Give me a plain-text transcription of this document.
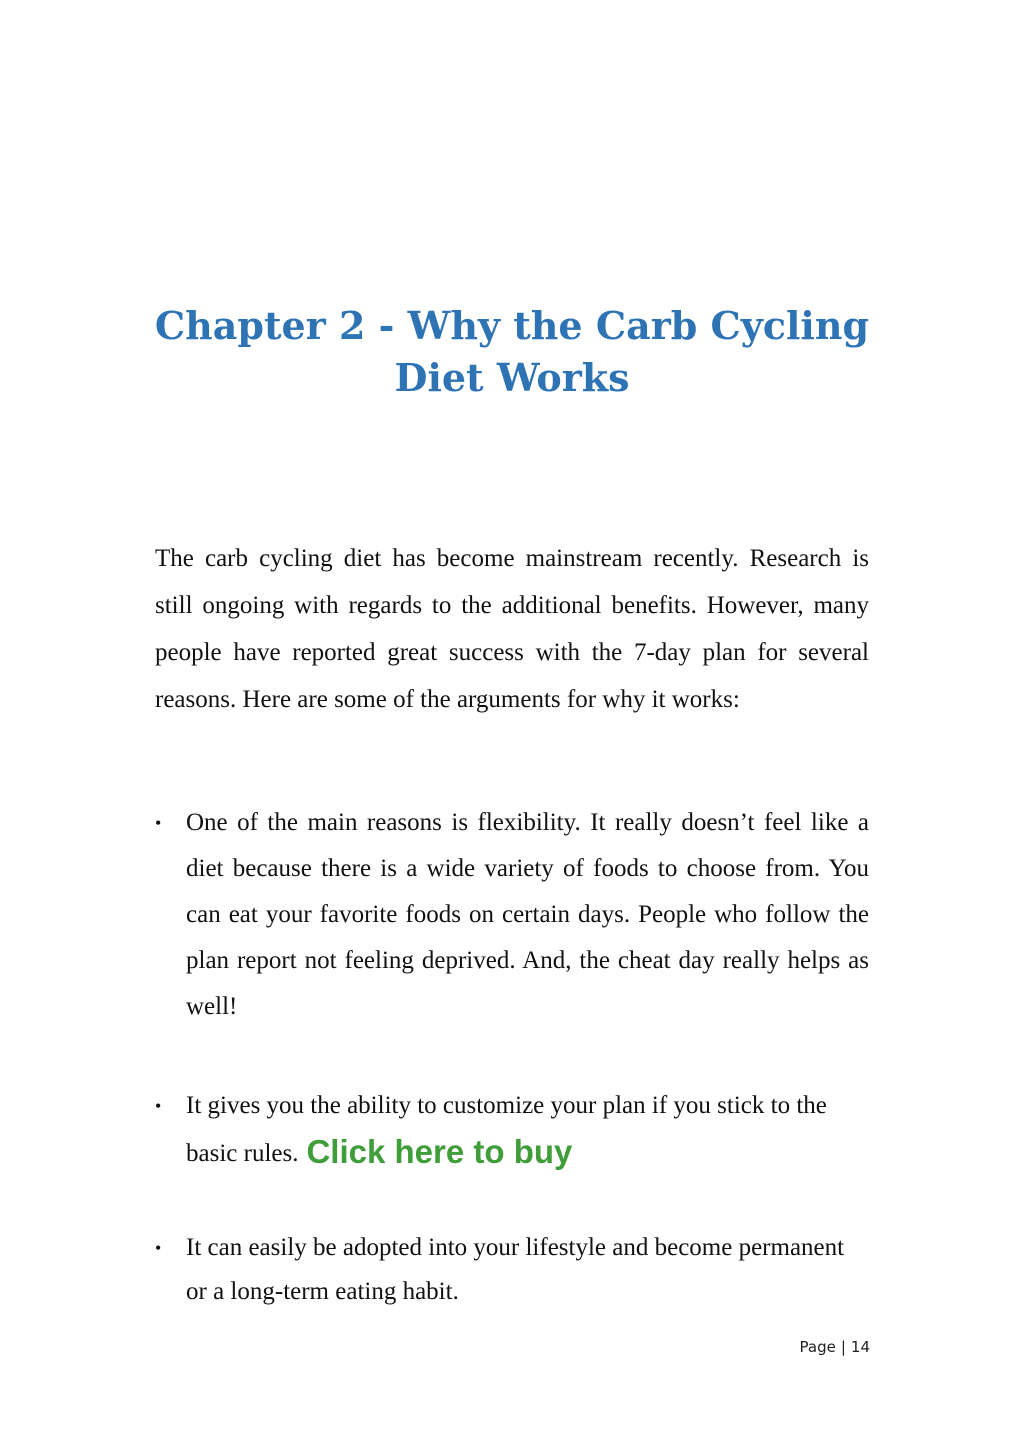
Chapter 2 - Why the Carb Cycling Diet Works

The carb cycling diet has become mainstream recently. Research is still ongoing with regards to the additional benefits. However, many people have reported great success with the 7-day plan for several reasons. Here are some of the arguments for why it works:

• One of the main reasons is flexibility. It really doesn’t feel like a diet because there is a wide variety of foods to choose from. You can eat your favorite foods on certain days. People who follow the plan report not feeling deprived. And, the cheat day really helps as well!
• It gives you the ability to customize your plan if you stick to the basic rules. Click here to buy
• It can easily be adopted into your lifestyle and become permanent or a long-term eating habit.
Page | 14
